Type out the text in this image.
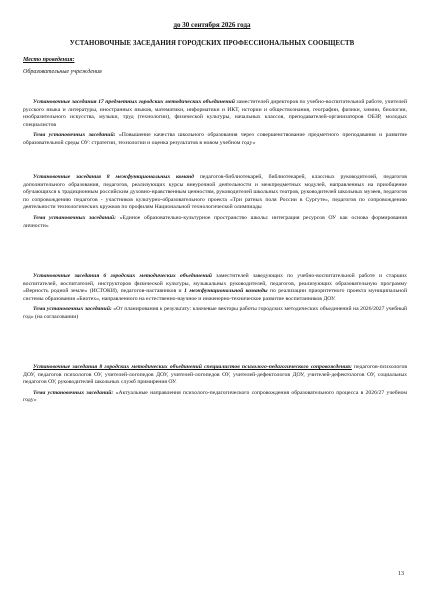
до 30 сентября 2026 года
УСТАНОВОЧНЫЕ ЗАСЕДАНИЯ ГОРОДСКИХ ПРОФЕССИОНАЛЬНЫХ СООБЩЕСТВ
Место проведения:
Образовательные учреждения

Установочные заседания 17 предметных городских методических объединений заместителей директоров по учебно-воспитательной работе, учителей русского языка и литературы, иностранных языков, математики, информатики и ИКТ, истории и обществознания, географии, физики, химии, биологии, изобразительного искусства, музыки, труд (технологии), физической культуры, начальных классов, преподавателей-организаторов ОБЗР, молодых специалистов

Тема установочных заседаний: «Повышение качества школьного образования через совершенствование предметного преподавания и развитие образовательной среды ОУ: стратегии, технологии и оценка результатов в новом учебном году»

Установочные заседания 8 межфункциональных команд педагогов-библиотекарей, библиотекарей, классных руководителей, педагогов дополнительного образования, педагогов, реализующих курсы внеурочной деятельности и межпредметных модулей, направленных на приобщение обучающихся к традиционным российским духовно-нравственным ценностям, руководителей школьных театров, руководителей школьных музеев, педагогов по сопровождению педагогов - участников культурно-образовательного проекта «Три ратных поля России в Сургуте», педагогов по сопровождению деятельности технологических кружков по профилям Национальной технологической олимпиады

Тема установочных заседаний: «Единое образовательно-культурное пространство школы: интеграция ресурсов ОУ как основа формирования личности»

Установочные заседания 6 городских методических объединений заместителей заведующих по учебно-воспитательной работе и старших воспитателей, воспитателей, инструкторов физической культуры, музыкальных руководителей, педагогов, реализующих образовательную программу «Верность родной земле» (ИСТОКИ), педагогов-наставников и 1 межфункциональной команды по реализации приоритетного проекта муниципальной системы образования «Биотех», направленного на естественно-научное и инженерно-техническое развитие воспитанников ДОУ.

Тема установочных заседаний: «От планирования к результату: ключевые векторы работы городских методических объединений на 2026/2027 учебный год» (на согласовании)

Установочные заседания 8 городских методических объединений специалистов психолого-педагогического сопровождения: педагогов-психологов ДОУ, педагогов психологов ОУ, учителей-логопедов ДОУ, учителей-логопедов ОУ, учителей-дефектологов ДОУ, учителей-дефектологов ОУ, социальных педагогов ОУ, руководителей школьных служб примирения ОУ.

Тема установочных заседаний: «Актуальные направления психолого-педагогического сопровождения образовательного процесса в 2026/27 учебном году»

13
